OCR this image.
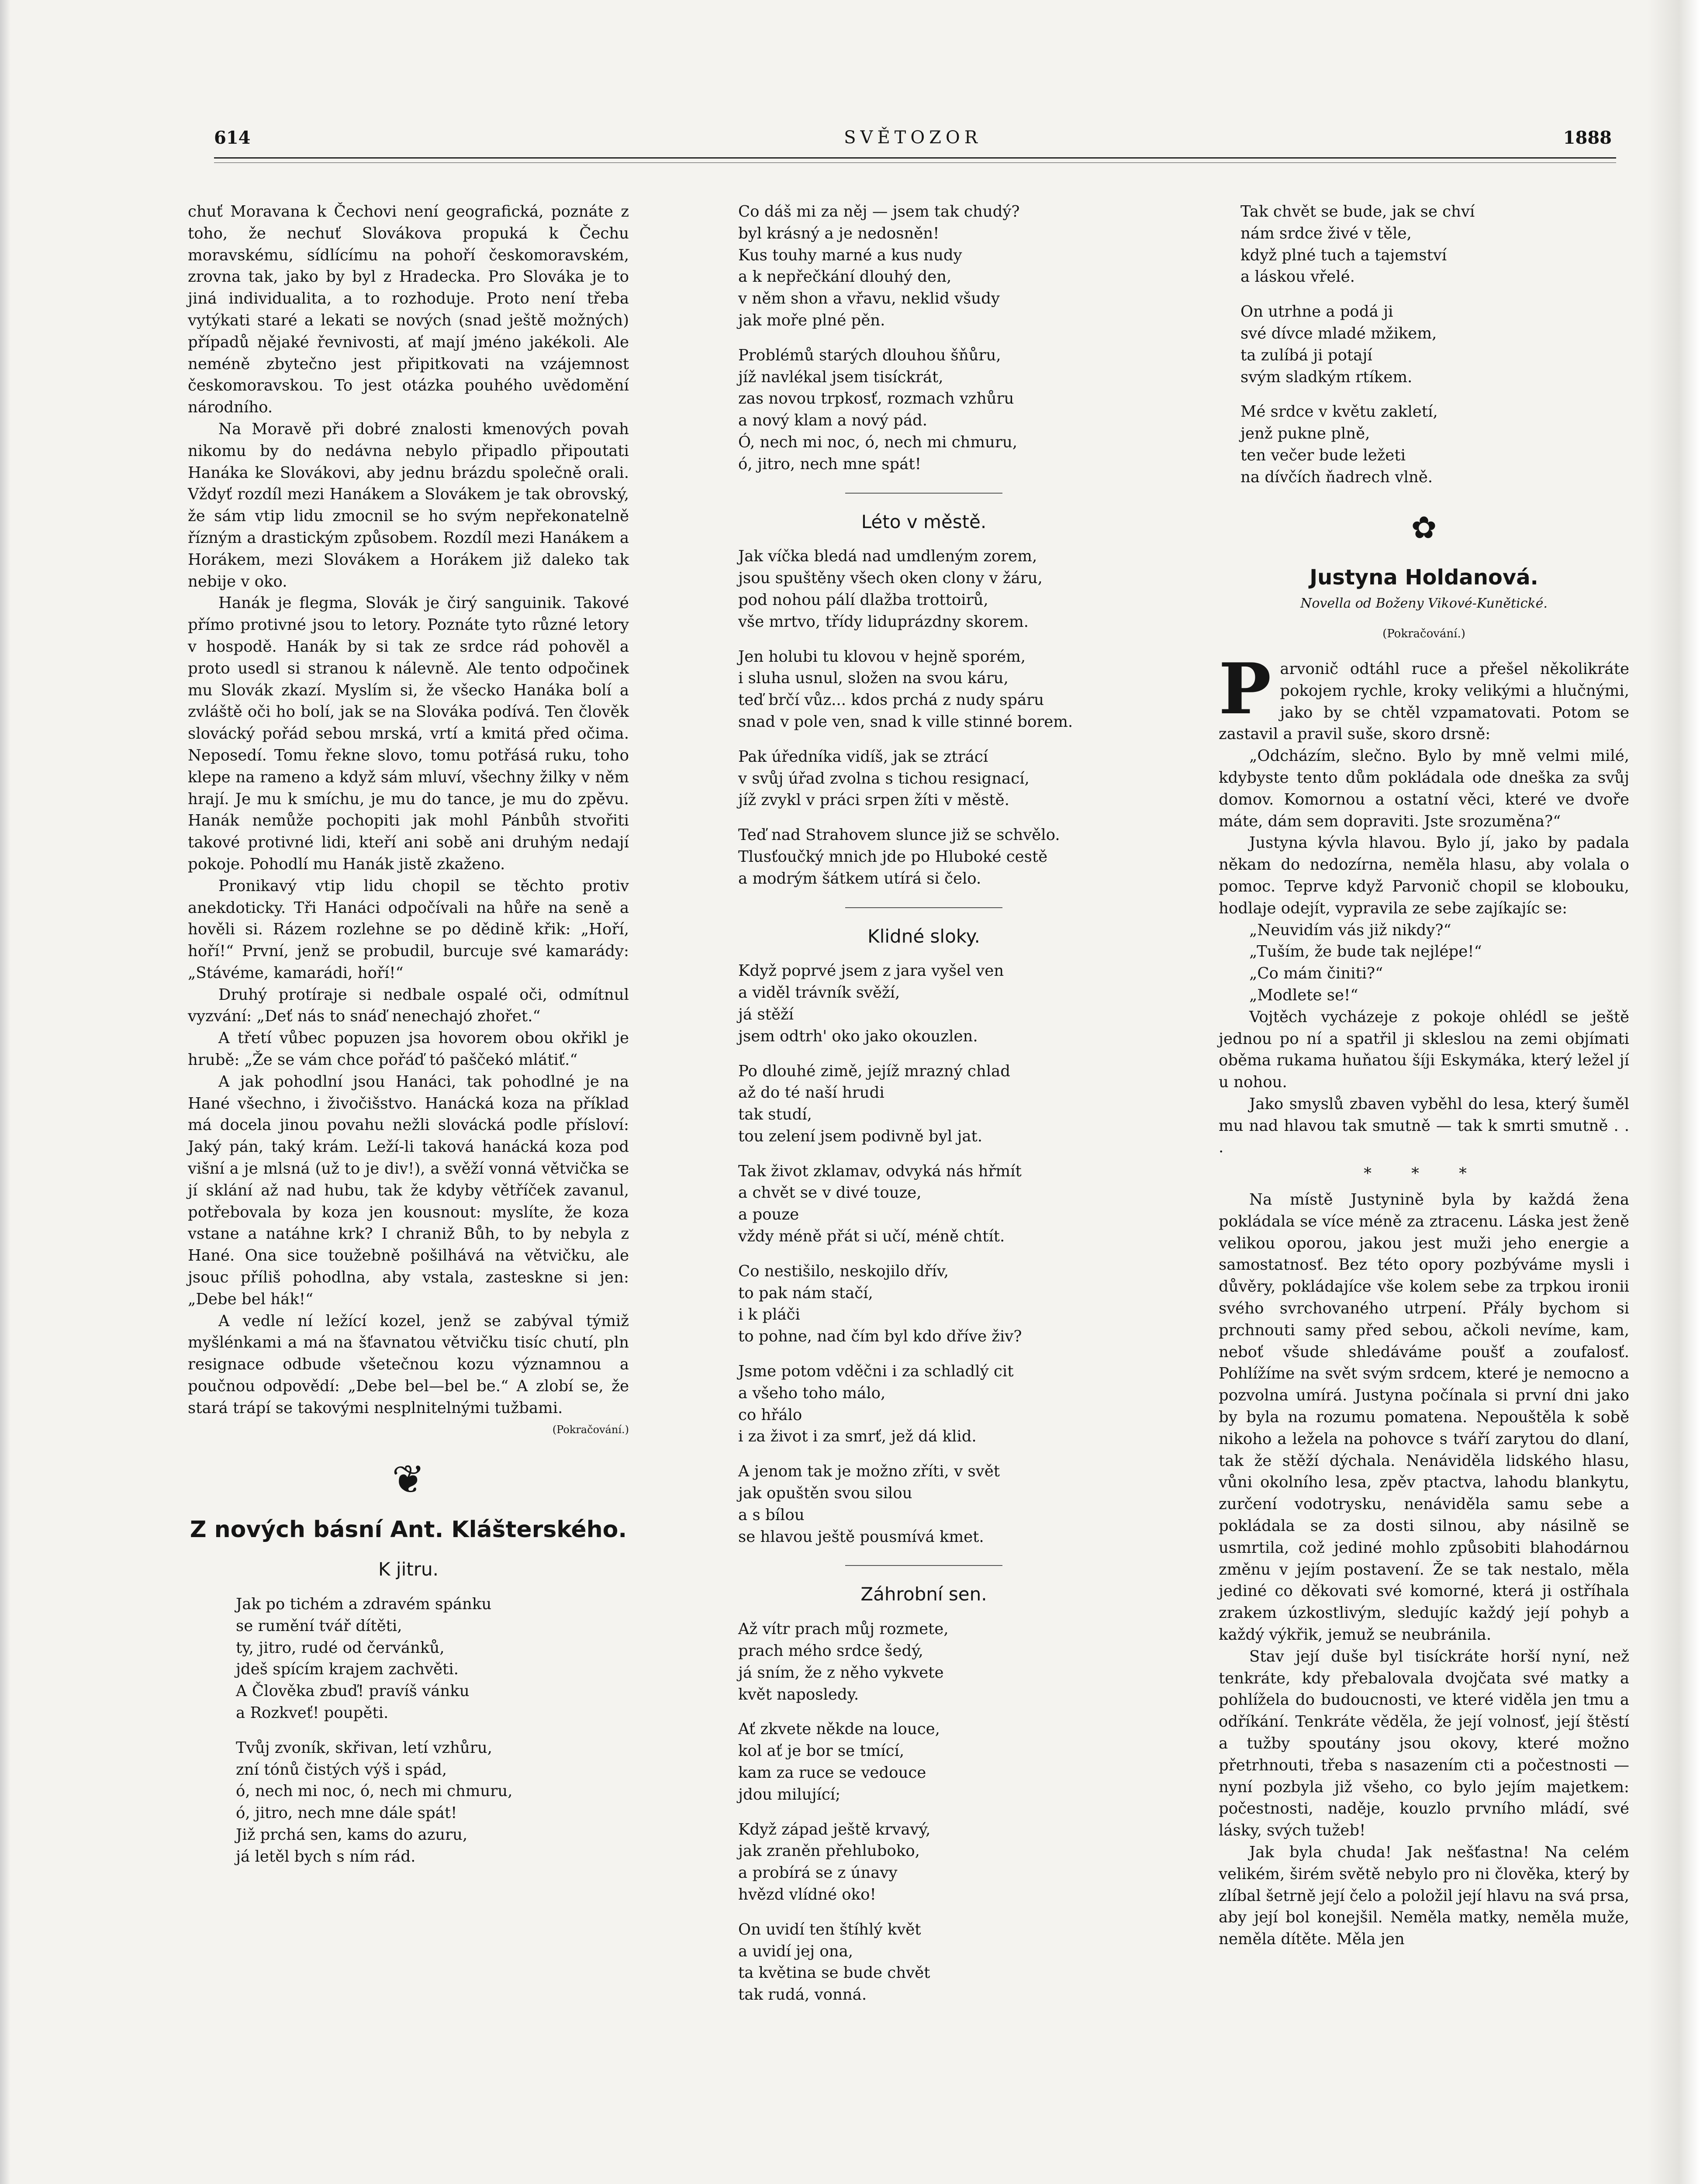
SVĚTOZOR
614	1888

chuť Moravana k Čechovi není geografická, poznáte z toho, že nechuť Slovákova propuká k Čechu moravskému, sídlícímu na pohoří českomoravském, zrovna tak, jako by byl z Hradecka. Pro Slováka je to jiná individualita, a to rozhoduje. Proto není třeba vytýkati staré a lekati se nových (snad ještě možných) případů nějaké řevnivosti, ať mají jméno jakékoli. Ale neméně zbytečno jest připitkovati na vzájemnost českomoravskou. To jest otázka pouhého uvědomění národního.

Na Moravě při dobré znalosti kmenových povah nikomu by do nedávna nebylo připadlo připoutati Hanáka ke Slovákovi, aby jednu brázdu společně orali. Vždyť rozdíl mezi Hanákem a Slovákem je tak obrovský, že sám vtip lidu zmocnil se ho svým nepřekonatelně řízným a drastickým způsobem. Rozdíl mezi Hanákem a Horákem, mezi Slovákem a Horákem již daleko tak nebije v oko.

Hanák je flegma, Slovák je čirý sanguinik. Takové přímo protivné jsou to letory. Poznáte tyto různé letory v hospodě. Hanák by si tak ze srdce rád pohověl a proto usedl si stranou k nálevně. Ale tento odpočinek mu Slovák zkazí. Myslím si, že všecko Hanáka bolí a zvláště oči ho bolí, jak se na Slováka podívá. Ten člověk slovácký pořád sebou mrská, vrtí a kmitá před očima. Neposedí. Tomu řekne slovo, tomu potřásá ruku, toho klepe na rameno a když sám mluví, všechny žilky v něm hrají. Je mu k smíchu, je mu do tance, je mu do zpěvu. Hanák nemůže pochopiti jak mohl Pánbůh stvořiti takové protivné lidi, kteří ani sobě ani druhým nedají pokoje. Pohodlí mu Hanák jistě zkaženo.

Pronikavý vtip lidu chopil se těchto protiv anekdoticky. Tři Hanáci odpočívali na hůře na seně a hověli si. Rázem rozlehne se po dědině křik: „Hoří, hoří!“ První, jenž se probudil, burcuje své kamarády: „Stávéme, kamarádi, hoří!“

Druhý protíraje si nedbale ospalé oči, odmítnul vyzvání: „Deť nás to snáď nenechajó zhořet.“

A třetí vůbec popuzen jsa hovorem obou okřikl je hrubě: „Že se vám chce pořáď tó paščekó mlátiť.“

A jak pohodlní jsou Hanáci, tak pohodlné je na Hané všechno, i živočišstvo. Hanácká koza na příklad má docela jinou povahu nežli slovácká podle přísloví: Jaký pán, taký krám. Leží-li taková hanácká koza pod višní a je mlsná (už to je div!), a svěží vonná větvička se jí sklání až nad hubu, tak že kdyby větříček zavanul, potřebovala by koza jen kousnout: myslíte, že koza vstane a natáhne krk? I chraniž Bůh, to by nebyla z Hané. Ona sice toužebně pošilhává na větvičku, ale jsouc příliš pohodlna, aby vstala, zasteskne si jen: „Debe bel hák!“

A vedle ní ležící kozel, jenž se zabýval týmiž myšlénkami a má na šťavnatou větvičku tisíc chutí, pln resignace odbude všetečnou kozu významnou a poučnou odpovědí: „Debe bel—bel be.“ A zlobí se, že stará trápí se takovými nesplnitelnými tužbami.

(Pokračování.)
❦
Z nových básní Ant. Klášterského.
K jitru.
Jak po tichém a zdravém spánku
se rumění tvář dítěti,
ty, jitro, rudé od červánků,
jdeš spícím krajem zachvěti.
A Člověka zbuď! pravíš vánku
a Rozkveť! poupěti.
Tvůj zvoník, skřivan, letí vzhůru,
zní tónů čistých výš i spád,
ó, nech mi noc, ó, nech mi chmuru,
ó, jitro, nech mne dále spát!
Již prchá sen, kams do azuru,
já letěl bych s ním rád.
Co dáš mi za něj — jsem tak chudý?
byl krásný a je nedosněn!
Kus touhy marné a kus nudy
a k nepřečkání dlouhý den,
v něm shon a vřavu, neklid všudy
jak moře plné pěn.
Problémů starých dlouhou šňůru,
jíž navlékal jsem tisíckrát,
zas novou trpkosť, rozmach vzhůru
a nový klam a nový pád.
Ó, nech mi noc, ó, nech mi chmuru,
ó, jitro, nech mne spát!
Léto v městě.
Jak víčka bledá nad umdleným zorem,
jsou spuštěny všech oken clony v žáru,
pod nohou pálí dlažba trottoirů,
vše mrtvo, třídy liduprázdny skorem.
Jen holubi tu klovou v hejně sporém,
i sluha usnul, složen na svou káru,
teď brčí vůz... kdos prchá z nudy spáru
snad v pole ven, snad k ville stinné borem.
Pak úředníka vidíš, jak se ztrácí
v svůj úřad zvolna s tichou resignací,
jíž zvykl v práci srpen žíti v městě.
Teď nad Strahovem slunce již se schvělo.
Tlusťoučký mnich jde po Hluboké cestě
a modrým šátkem utírá si čelo.
Klidné sloky.
Když poprvé jsem z jara vyšel ven
a viděl trávník svěží,
já stěží
jsem odtrh' oko jako okouzlen.
Po dlouhé zimě, jejíž mrazný chlad
až do té naší hrudi
tak studí,
tou zelení jsem podivně byl jat.
Tak život zklamav, odvyká nás hřmít
a chvět se v divé touze,
a pouze
vždy méně přát si učí, méně chtít.
Co nestišilo, neskojilo dřív,
to pak nám stačí,
i k pláči
to pohne, nad čím byl kdo dříve živ?
Jsme potom vděčni i za schladlý cit
a všeho toho málo,
co hřálo
i za život i za smrť, jež dá klid.
A jenom tak je možno zříti, v svět
jak opuštěn svou silou
a s bílou
se hlavou ještě pousmívá kmet.
Záhrobní sen.
Až vítr prach můj rozmete,
prach mého srdce šedý,
já sním, že z něho vykvete
květ naposledy.
Ať zkvete někde na louce,
kol ať je bor se tmící,
kam za ruce se vedouce
jdou milující;
Když západ ještě krvavý,
jak zraněn přehluboko,
a probírá se z únavy
hvězd vlídné oko!
On uvidí ten štíhlý květ
a uvidí jej ona,
ta květina se bude chvět
tak rudá, vonná.
Tak chvět se bude, jak se chví
nám srdce živé v těle,
když plné tuch a tajemství
a láskou vřelé.
On utrhne a podá ji
své dívce mladé mžikem,
ta zulíbá ji potají
svým sladkým rtíkem.
Mé srdce v květu zakletí,
jenž pukne plně,
ten večer bude ležeti
na dívčích ňadrech vlně.
✿
Justyna Holdanová.
Novella od Boženy Vikové-Kunětické.
(Pokračování.)
P arvonič odtáhl ruce a přešel několikráte pokojem rychle, kroky velikými a hlučnými, jako by se chtěl vzpamatovati. Potom se zastavil a pravil suše, skoro drsně:

„Odcházím, slečno. Bylo by mně velmi milé, kdybyste tento dům pokládala ode dneška za svůj domov. Komornou a ostatní věci, které ve dvoře máte, dám sem dopraviti. Jste srozuměna?“

Justyna kývla hlavou. Bylo jí, jako by padala někam do nedozírna, neměla hlasu, aby volala o pomoc. Teprve když Parvonič chopil se klobouku, hodlaje odejít, vypravila ze sebe zajíkajíc se:

„Neuvidím vás již nikdy?“

„Tuším, že bude tak nejlépe!“

„Co mám činiti?“

„Modlete se!“

Vojtěch vycházeje z pokoje ohlédl se ještě jednou po ní a spatřil ji skleslou na zemi objímati oběma rukama huňatou šíji Eskymáka, který ležel jí u nohou.

Jako smyslů zbaven vyběhl do lesa, který šuměl mu nad hlavou tak smutně — tak k smrti smutně . . .

* * *

Na místě Justynině byla by každá žena pokládala se více méně za ztracenu. Láska jest ženě velikou oporou, jakou jest muži jeho energie a samostatnosť. Bez této opory pozbýváme mysli i důvěry, pokládajíce vše kolem sebe za trpkou ironii svého svrchovaného utrpení. Přály bychom si prchnouti samy před sebou, ačkoli nevíme, kam, neboť všude shledáváme poušť a zoufalosť. Pohlížíme na svět svým srdcem, které je nemocno a pozvolna umírá. Justyna počínala si první dni jako by byla na rozumu pomatena. Nepouštěla k sobě nikoho a ležela na pohovce s tváří zarytou do dlaní, tak že stěží dýchala. Nenáviděla lidského hlasu, vůni okolního lesa, zpěv ptactva, lahodu blankytu, zurčení vodotrysku, nenáviděla samu sebe a pokládala se za dosti silnou, aby násilně se usmrtila, což jediné mohlo způsobiti blahodárnou změnu v jejím postavení. Že se tak nestalo, měla jediné co děkovati své komorné, která ji ostříhala zrakem úzkostlivým, sledujíc každý její pohyb a každý výkřik, jemuž se neubránila.

Stav její duše byl tisíckráte horší nyní, než tenkráte, kdy přebalovala dvojčata své matky a pohlížela do budoucnosti, ve které viděla jen tmu a odříkání. Tenkráte věděla, že její volnosť, její štěstí a tužby spoutány jsou okovy, které možno přetrhnouti, třeba s nasazením cti a počestnosti — nyní pozbyla již všeho, co bylo jejím majetkem: počestnosti, naděje, kouzlo prvního mládí, své lásky, svých tužeb!

Jak byla chuda! Jak nešťastna! Na celém velikém, širém světě nebylo pro ni člověka, který by zlíbal šetrně její čelo a položil její hlavu na svá prsa, aby její bol konejšil. Neměla matky, neměla muže, neměla dítěte. Měla jen
